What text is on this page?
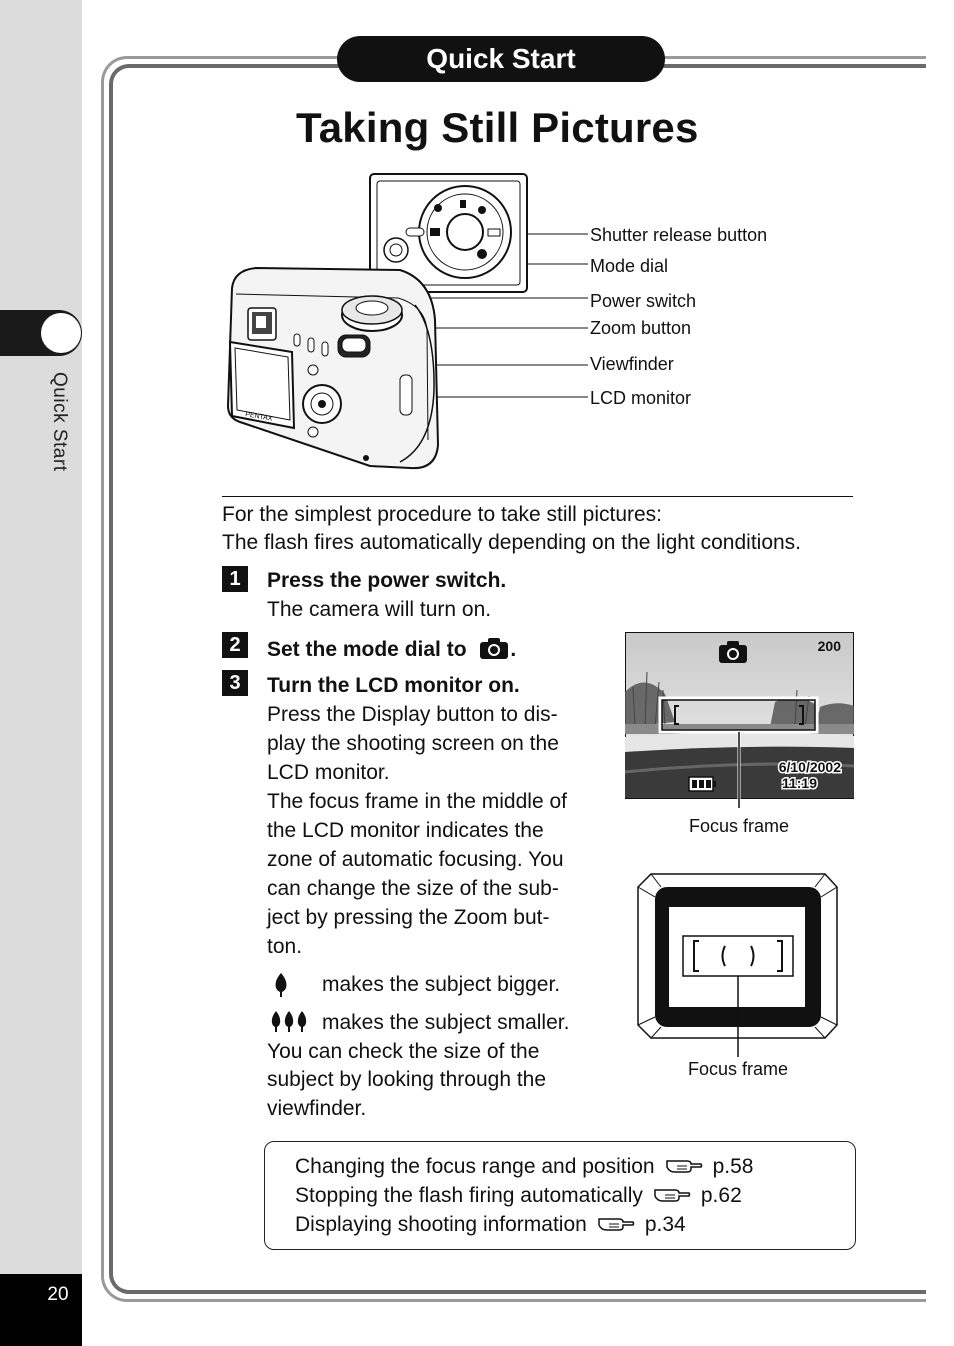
Quick Start
20
Quick Start
Taking Still Pictures
PENTAX
Shutter release button
Mode dial
Power switch
Zoom button
Viewfinder
LCD monitor
For the simplest procedure to take still pictures:
The flash fires automatically depending on the light conditions.
1	Press the power switch.
The camera will turn on.
2	Set the mode dial to .
3	Turn the LCD monitor on.
Press the Display button to dis-
play the shooting screen on the
LCD monitor.
The focus frame in the middle of
the LCD monitor indicates the
zone of automatic focusing. You
can change the size of the sub-
ject by pressing the Zoom but-
ton.
makes the subject bigger.
makes the subject smaller.
You can check the size of the
subject by looking through the
viewfinder.
200
6/10/2002
11:19
Focus frame
Focus frame
Changing the focus range and position	p.58
Stopping the flash firing automatically	p.62
Displaying shooting information	p.34
